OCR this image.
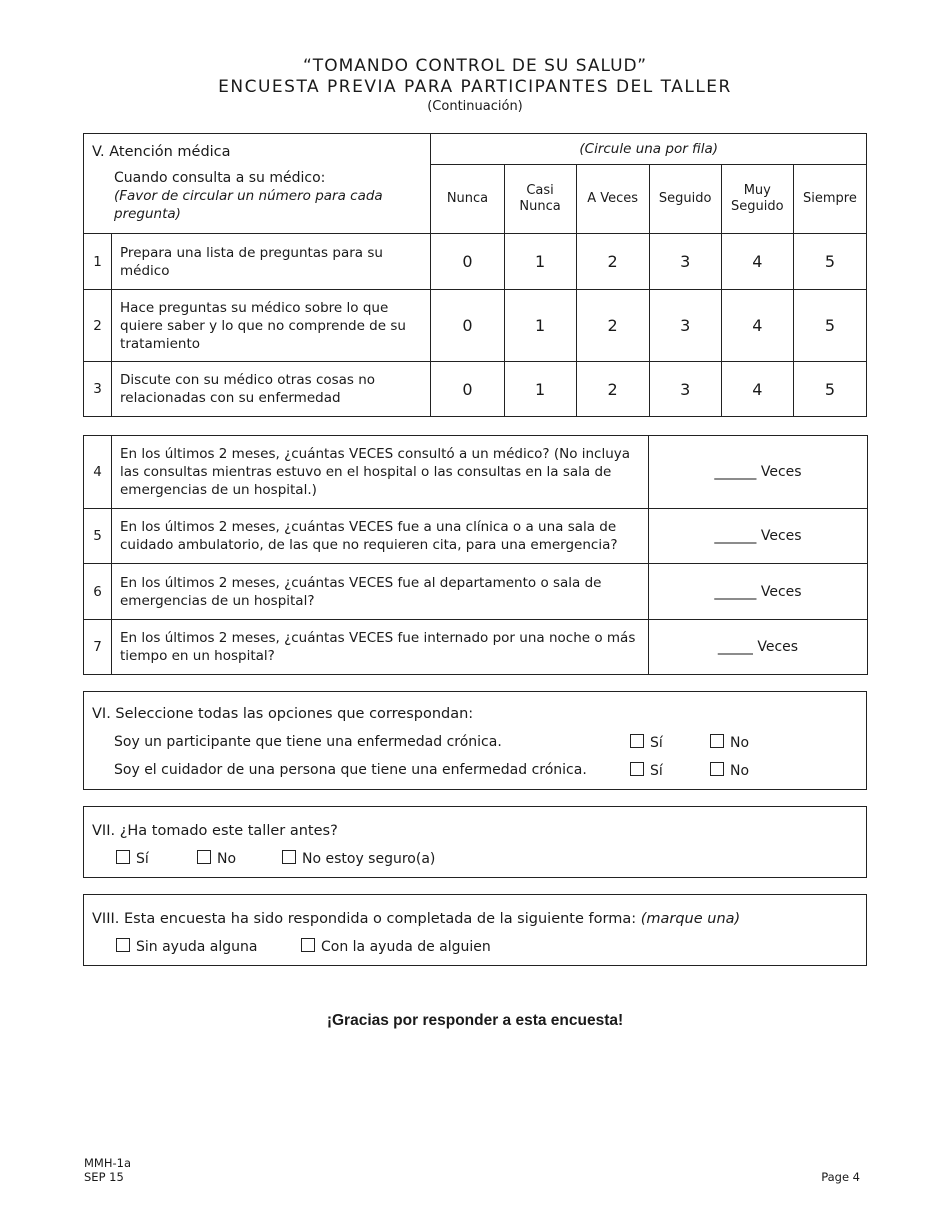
“TOMANDO CONTROL DE SU SALUD”
ENCUESTA PREVIA PARA PARTICIPANTES DEL TALLER
(Continuación)
V. Atención médica
Cuando consulta a su médico:
(Favor de circular un número para cada pregunta)		(Circule una por fila)					
		Nunca	Casi Nunca	A Veces	Seguido	Muy Seguido	Siempre
1	Prepara una lista de preguntas para su médico	0	1	2	3	4	5
2	Hace preguntas su médico sobre lo que quiere saber y lo que no comprende de su tratamiento	0	1	2	3	4	5
3	Discute con su médico otras cosas no relacionadas con su enfermedad	0	1	2	3	4	5
4	En los últimos 2 meses, ¿cuántas VECES consultó a un médico? (No incluya las consultas mientras estuvo en el hospital o las consultas en la sala de emergencias de un hospital.)	______ Veces
5	En los últimos 2 meses, ¿cuántas VECES fue a una clínica o a una sala de cuidado ambulatorio, de las que no requieren cita, para una emergencia?	______ Veces
6	En los últimos 2 meses, ¿cuántas VECES fue al departamento o sala de emergencias de un hospital?	______ Veces
7	En los últimos 2 meses, ¿cuántas VECES fue internado por una noche o más tiempo en un hospital?	_____ Veces
VI. Seleccione todas las opciones que correspondan:
Soy un participante que tiene una enfermedad crónica.	Sí	No
Soy el cuidador de una persona que tiene una enfermedad crónica.	Sí	No
VII. ¿Ha tomado este taller antes?
Sí	No	No estoy seguro(a)
VIII. Esta encuesta ha sido respondida o completada de la siguiente forma: (marque una)
Sin ayuda alguna	Con la ayuda de alguien
¡Gracias por responder a esta encuesta!
MMH-1a
SEP 15	Page 4
